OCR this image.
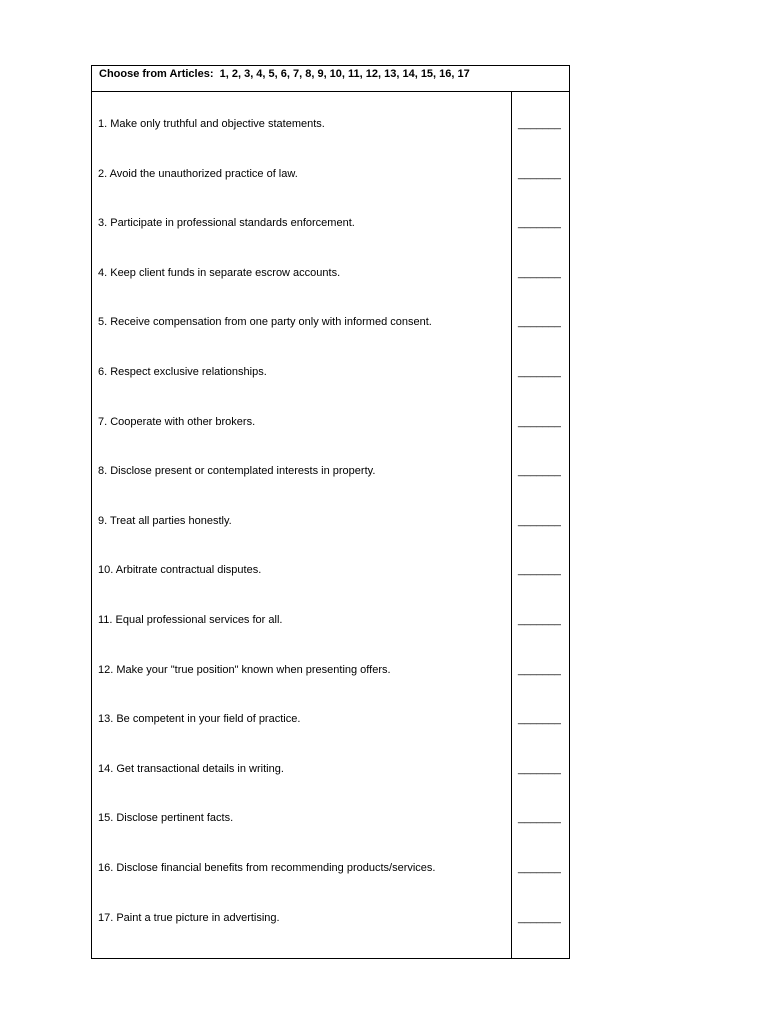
Choose from Articles:  1, 2, 3, 4, 5, 6, 7, 8, 9, 10, 11, 12, 13, 14, 15, 16, 17
1. Make only truthful and objective statements.	_______
2. Avoid the unauthorized practice of law.	_______
3. Participate in professional standards enforcement.	_______
4. Keep client funds in separate escrow accounts.	_______
5. Receive compensation from one party only with informed consent.	_______
6. Respect exclusive relationships.	_______
7. Cooperate with other brokers.	_______
8. Disclose present or contemplated interests in property.	_______
9. Treat all parties honestly.	_______
10. Arbitrate contractual disputes.	_______
11. Equal professional services for all.	_______
12. Make your "true position" known when presenting offers.	_______
13. Be competent in your field of practice.	_______
14. Get transactional details in writing.	_______
15. Disclose pertinent facts.	_______
16. Disclose financial benefits from recommending products/services.	_______
17. Paint a true picture in advertising.	_______
